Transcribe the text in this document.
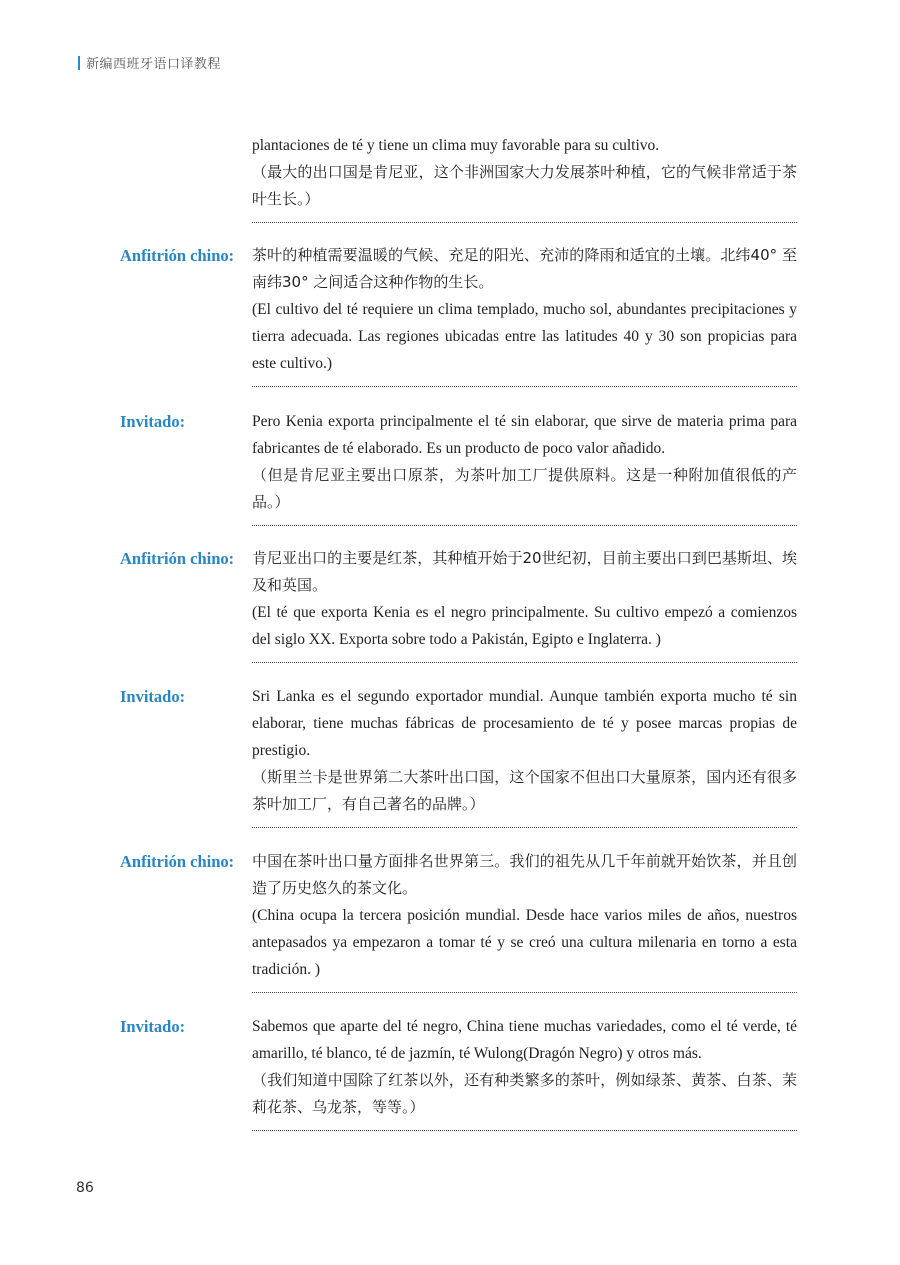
新编西班牙语口译教程

plantaciones de té y tiene un clima muy favorable para su cultivo.

（最大的出口国是肯尼亚，这个非洲国家大力发展茶叶种植，它的气候非常适于茶叶生长。）

Anfitrión chino: 茶叶的种植需要温暖的气候、充足的阳光、充沛的降雨和适宜的土壤。北纬40° 至南纬30° 之间适合这种作物的生长。

(El cultivo del té requiere un clima templado, mucho sol, abundantes precipitaciones y tierra adecuada. Las regiones ubicadas entre las latitudes 40 y 30 son propicias para este cultivo.)

Invitado:	Pero Kenia exporta principalmente el té sin elaborar, que sirve de materia prima para fabricantes de té elaborado. Es un producto de poco valor añadido.

（但是肯尼亚主要出口原茶，为茶叶加工厂提供原料。这是一种附加值很低的产品。）

Anfitrión chino: 肯尼亚出口的主要是红茶，其种植开始于20世纪初，目前主要出口到巴基斯坦、埃及和英国。

(El té que exporta Kenia es el negro principalmente. Su cultivo empezó a comienzos del siglo XX. Exporta sobre todo a Pakistán, Egipto e Inglaterra. )

Invitado:	Sri Lanka es el segundo exportador mundial. Aunque también exporta mucho té sin elaborar, tiene muchas fábricas de procesamiento de té y posee marcas propias de prestigio.

（斯里兰卡是世界第二大茶叶出口国，这个国家不但出口大量原茶，国内还有很多茶叶加工厂，有自己著名的品牌。）

Anfitrión chino: 中国在茶叶出口量方面排名世界第三。我们的祖先从几千年前就开始饮茶，并且创造了历史悠久的茶文化。

(China ocupa la tercera posición mundial. Desde hace varios miles de años, nuestros antepasados ya empezaron a tomar té y se creó una cultura milenaria en torno a esta tradición. )

Invitado:	Sabemos que aparte del té negro, China tiene muchas variedades, como el té verde, té amarillo, té blanco, té de jazmín, té Wulong(Dragón Negro) y otros más.

（我们知道中国除了红茶以外，还有种类繁多的茶叶，例如绿茶、黄茶、白茶、茉莉花茶、乌龙茶，等等。）

86
